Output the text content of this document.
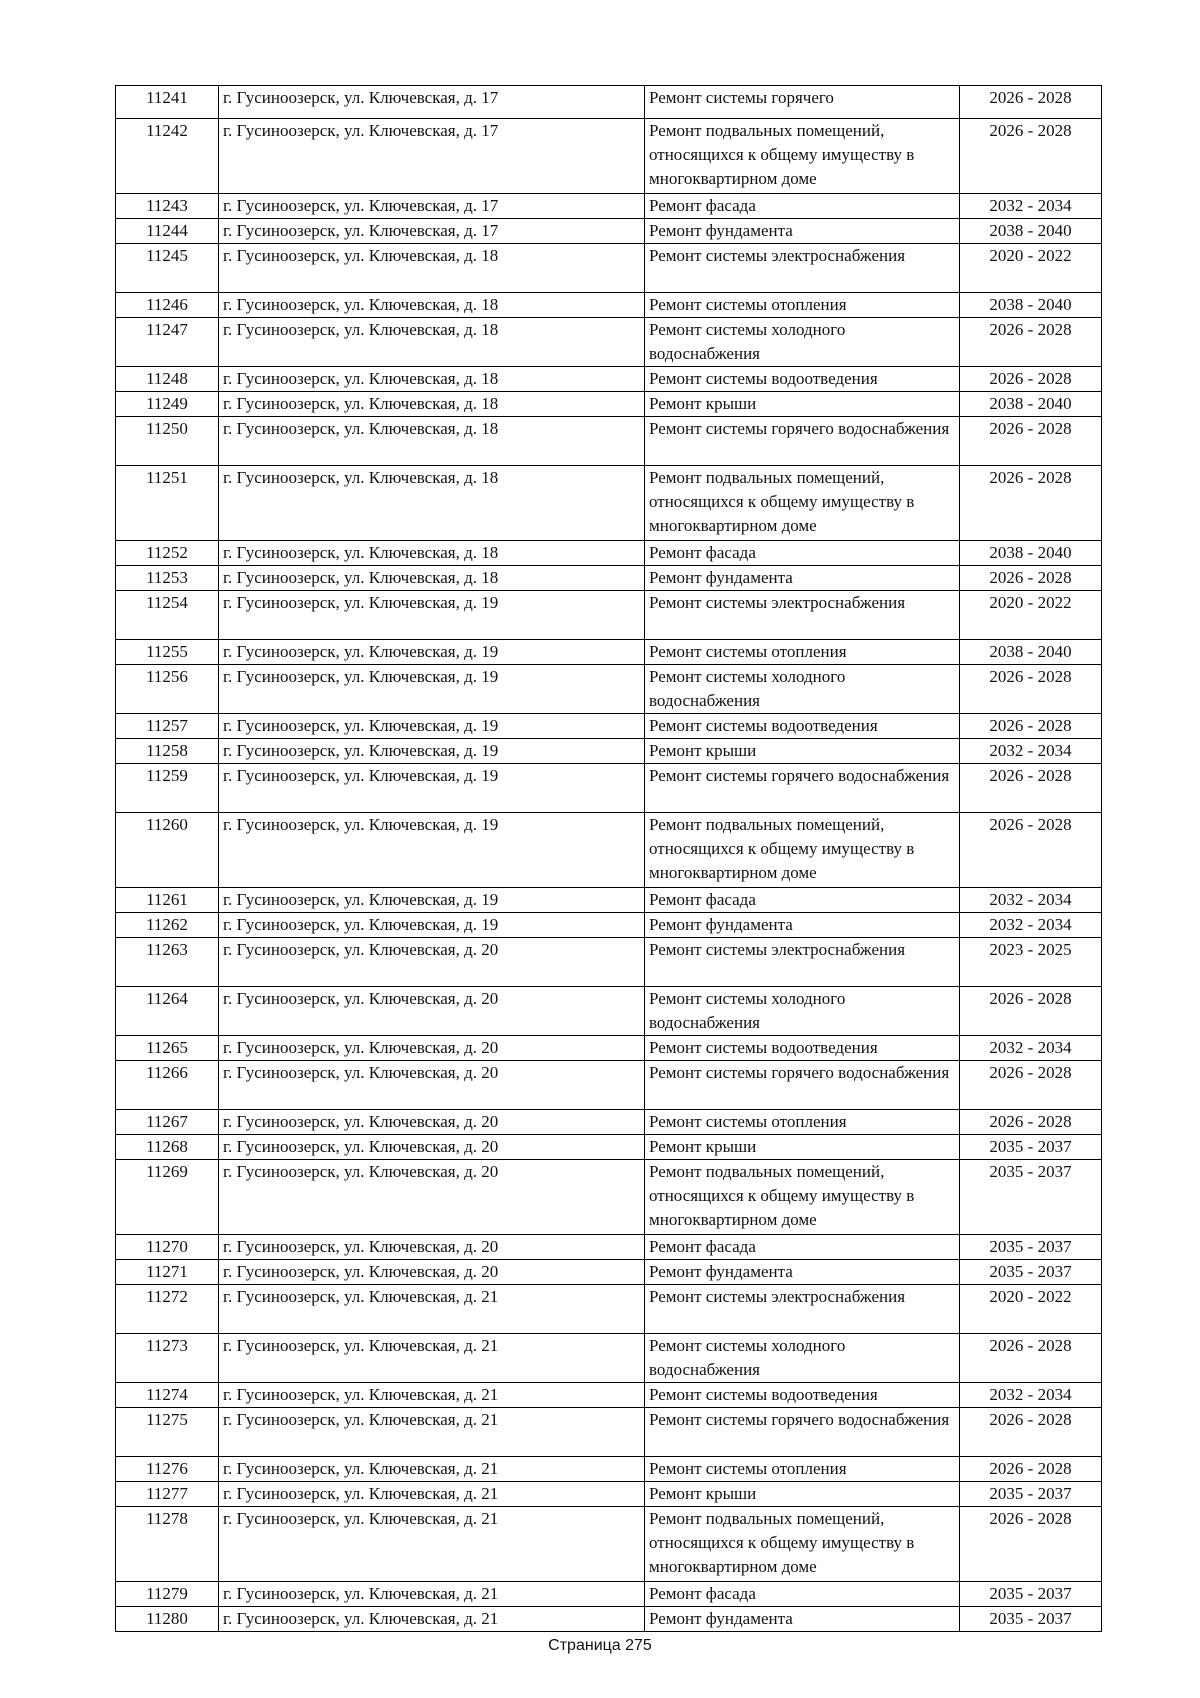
11241	г. Гусиноозерск, ул. Ключевская, д. 17	Ремонт системы горячего	2026 - 2028
11242	г. Гусиноозерск, ул. Ключевская, д. 17	Ремонт подвальных помещений, относящихся к общему имуществу в многоквартирном доме	2026 - 2028
11243	г. Гусиноозерск, ул. Ключевская, д. 17	Ремонт фасада	2032 - 2034
11244	г. Гусиноозерск, ул. Ключевская, д. 17	Ремонт фундамента	2038 - 2040
11245	г. Гусиноозерск, ул. Ключевская, д. 18	Ремонт системы электроснабжения	2020 - 2022
11246	г. Гусиноозерск, ул. Ключевская, д. 18	Ремонт системы отопления	2038 - 2040
11247	г. Гусиноозерск, ул. Ключевская, д. 18	Ремонт системы холодного водоснабжения	2026 - 2028
11248	г. Гусиноозерск, ул. Ключевская, д. 18	Ремонт системы водоотведения	2026 - 2028
11249	г. Гусиноозерск, ул. Ключевская, д. 18	Ремонт крыши	2038 - 2040
11250	г. Гусиноозерск, ул. Ключевская, д. 18	Ремонт системы горячего водоснабжения	2026 - 2028
11251	г. Гусиноозерск, ул. Ключевская, д. 18	Ремонт подвальных помещений, относящихся к общему имуществу в многоквартирном доме	2026 - 2028
11252	г. Гусиноозерск, ул. Ключевская, д. 18	Ремонт фасада	2038 - 2040
11253	г. Гусиноозерск, ул. Ключевская, д. 18	Ремонт фундамента	2026 - 2028
11254	г. Гусиноозерск, ул. Ключевская, д. 19	Ремонт системы электроснабжения	2020 - 2022
11255	г. Гусиноозерск, ул. Ключевская, д. 19	Ремонт системы отопления	2038 - 2040
11256	г. Гусиноозерск, ул. Ключевская, д. 19	Ремонт системы холодного водоснабжения	2026 - 2028
11257	г. Гусиноозерск, ул. Ключевская, д. 19	Ремонт системы водоотведения	2026 - 2028
11258	г. Гусиноозерск, ул. Ключевская, д. 19	Ремонт крыши	2032 - 2034
11259	г. Гусиноозерск, ул. Ключевская, д. 19	Ремонт системы горячего водоснабжения	2026 - 2028
11260	г. Гусиноозерск, ул. Ключевская, д. 19	Ремонт подвальных помещений, относящихся к общему имуществу в многоквартирном доме	2026 - 2028
11261	г. Гусиноозерск, ул. Ключевская, д. 19	Ремонт фасада	2032 - 2034
11262	г. Гусиноозерск, ул. Ключевская, д. 19	Ремонт фундамента	2032 - 2034
11263	г. Гусиноозерск, ул. Ключевская, д. 20	Ремонт системы электроснабжения	2023 - 2025
11264	г. Гусиноозерск, ул. Ключевская, д. 20	Ремонт системы холодного водоснабжения	2026 - 2028
11265	г. Гусиноозерск, ул. Ключевская, д. 20	Ремонт системы водоотведения	2032 - 2034
11266	г. Гусиноозерск, ул. Ключевская, д. 20	Ремонт системы горячего водоснабжения	2026 - 2028
11267	г. Гусиноозерск, ул. Ключевская, д. 20	Ремонт системы отопления	2026 - 2028
11268	г. Гусиноозерск, ул. Ключевская, д. 20	Ремонт крыши	2035 - 2037
11269	г. Гусиноозерск, ул. Ключевская, д. 20	Ремонт подвальных помещений, относящихся к общему имуществу в многоквартирном доме	2035 - 2037
11270	г. Гусиноозерск, ул. Ключевская, д. 20	Ремонт фасада	2035 - 2037
11271	г. Гусиноозерск, ул. Ключевская, д. 20	Ремонт фундамента	2035 - 2037
11272	г. Гусиноозерск, ул. Ключевская, д. 21	Ремонт системы электроснабжения	2020 - 2022
11273	г. Гусиноозерск, ул. Ключевская, д. 21	Ремонт системы холодного водоснабжения	2026 - 2028
11274	г. Гусиноозерск, ул. Ключевская, д. 21	Ремонт системы водоотведения	2032 - 2034
11275	г. Гусиноозерск, ул. Ключевская, д. 21	Ремонт системы горячего водоснабжения	2026 - 2028
11276	г. Гусиноозерск, ул. Ключевская, д. 21	Ремонт системы отопления	2026 - 2028
11277	г. Гусиноозерск, ул. Ключевская, д. 21	Ремонт крыши	2035 - 2037
11278	г. Гусиноозерск, ул. Ключевская, д. 21	Ремонт подвальных помещений, относящихся к общему имуществу в многоквартирном доме	2026 - 2028
11279	г. Гусиноозерск, ул. Ключевская, д. 21	Ремонт фасада	2035 - 2037
11280	г. Гусиноозерск, ул. Ключевская, д. 21	Ремонт фундамента	2035 - 2037
Страница 275
